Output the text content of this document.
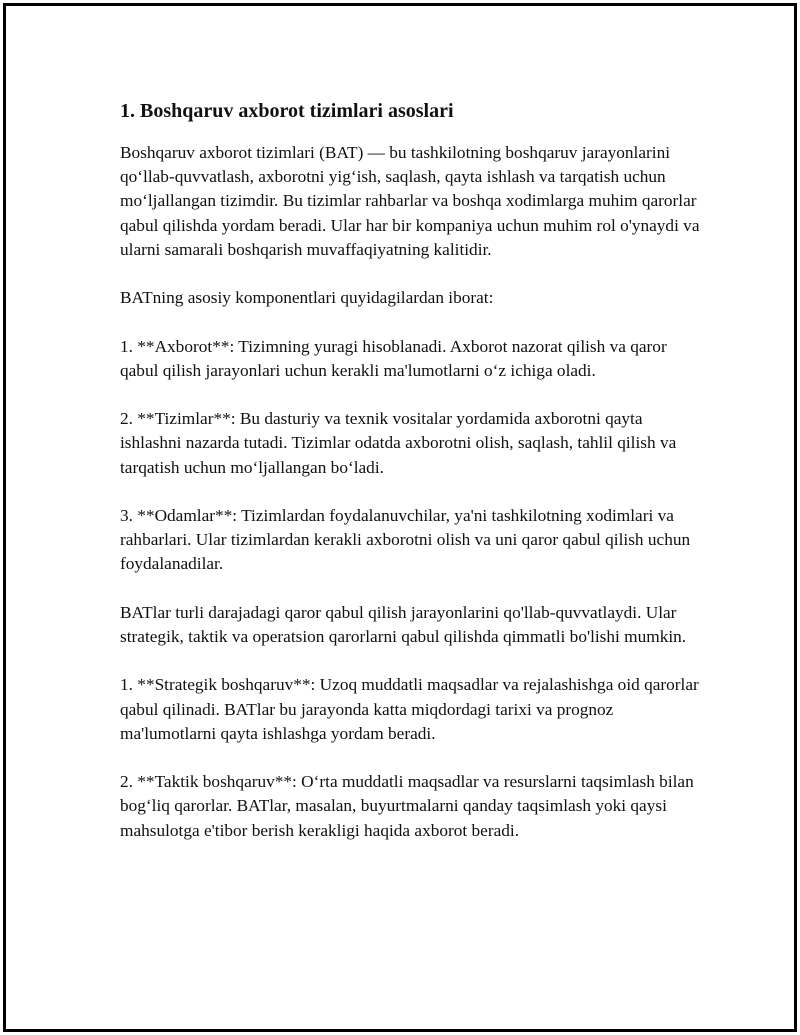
1. Boshqaruv axborot tizimlari asoslari

Boshqaruv axborot tizimlari (BAT) — bu tashkilotning boshqaruv jarayonlarini qo‘llab-quvvatlash, axborotni yig‘ish, saqlash, qayta ishlash va tarqatish uchun mo‘ljallangan tizimdir. Bu tizimlar rahbarlar va boshqa xodimlarga muhim qarorlar qabul qilishda yordam beradi. Ular har bir kompaniya uchun muhim rol o'ynaydi va ularni samarali boshqarish muvaffaqiyatning kalitidir.

BATning asosiy komponentlari quyidagilardan iborat:

1. **Axborot**: Tizimning yuragi hisoblanadi. Axborot nazorat qilish va qaror qabul qilish jarayonlari uchun kerakli ma'lumotlarni o‘z ichiga oladi.

2. **Tizimlar**: Bu dasturiy va texnik vositalar yordamida axborotni qayta ishlashni nazarda tutadi. Tizimlar odatda axborotni olish, saqlash, tahlil qilish va tarqatish uchun mo‘ljallangan bo‘ladi.

3. **Odamlar**: Tizimlardan foydalanuvchilar, ya'ni tashkilotning xodimlari va rahbarlari. Ular tizimlardan kerakli axborotni olish va uni qaror qabul qilish uchun foydalanadilar.

BATlar turli darajadagi qaror qabul qilish jarayonlarini qo'llab-quvvatlaydi. Ular strategik, taktik va operatsion qarorlarni qabul qilishda qimmatli bo'lishi mumkin.

1. **Strategik boshqaruv**: Uzoq muddatli maqsadlar va rejalashishga oid qarorlar qabul qilinadi. BATlar bu jarayonda katta miqdordagi tarixi va prognoz ma'lumotlarni qayta ishlashga yordam beradi.

2. **Taktik boshqaruv**: O‘rta muddatli maqsadlar va resurslarni taqsimlash bilan bog‘liq qarorlar. BATlar, masalan, buyurtmalarni qanday taqsimlash yoki qaysi mahsulotga e'tibor berish kerakligi haqida axborot beradi.
